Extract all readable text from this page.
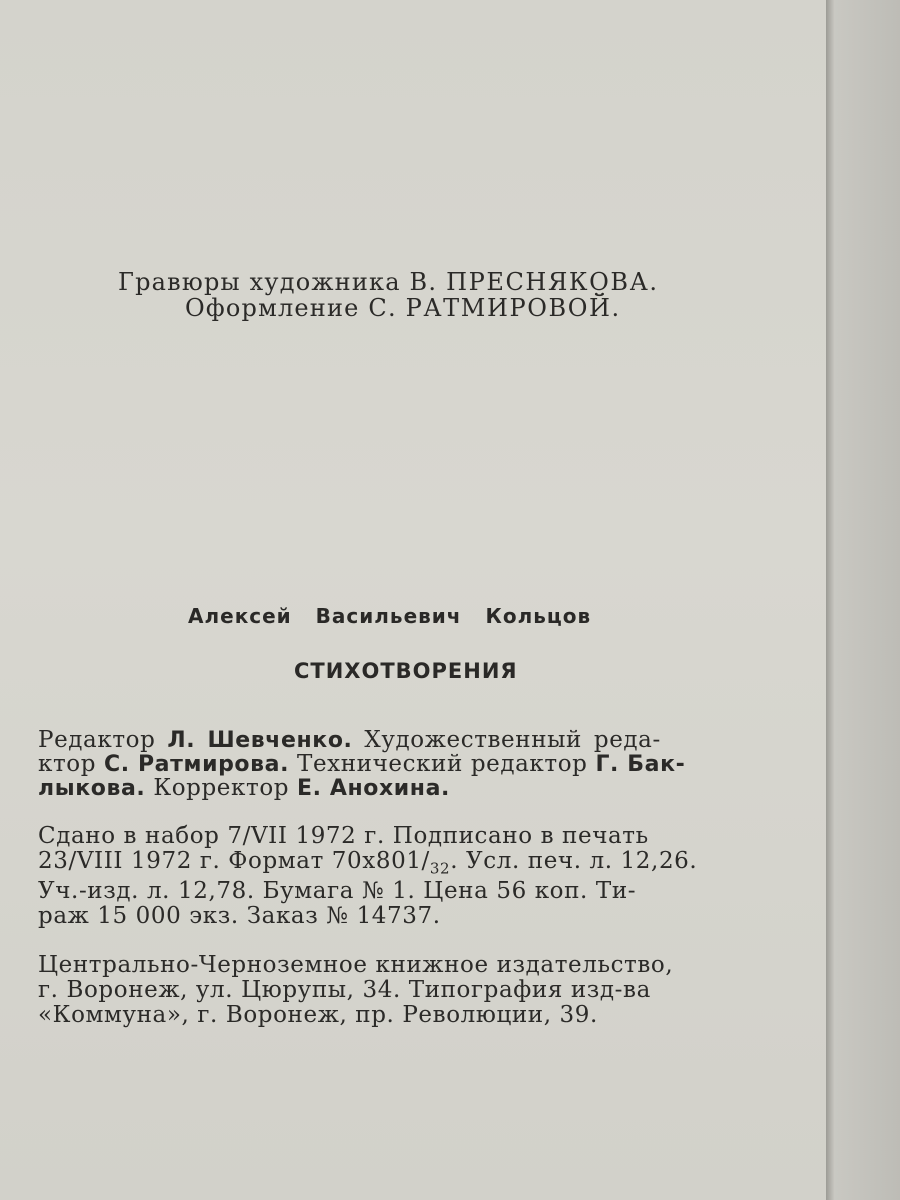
Гравюры художника В. ПРЕСНЯКОВА.
Оформление С. РАТМИРОВОЙ.
Алексей Васильевич Кольцов
СТИХОТВОРЕНИЯ
Редактор Л. Шевченко. Художественный реда-
ктор С. Ратмирова. Технический редактор Г. Бак-
лыкова. Корректор Е. Анохина.
Сдано в набор 7/VII 1972 г. Подписано в печать
23/VIII 1972 г. Формат $70х801/_{32}$. Усл. печ. л. 12,26.
Уч.-изд. л. 12,78. Бумага № 1. Цена 56 коп. Ти-
раж 15 000 экз. Заказ № 14737.
Центрально-Черноземное книжное издательство,
г. Воронеж, ул. Цюрупы, 34. Типография изд-ва
«Коммуна», г. Воронеж, пр. Революции, 39.
